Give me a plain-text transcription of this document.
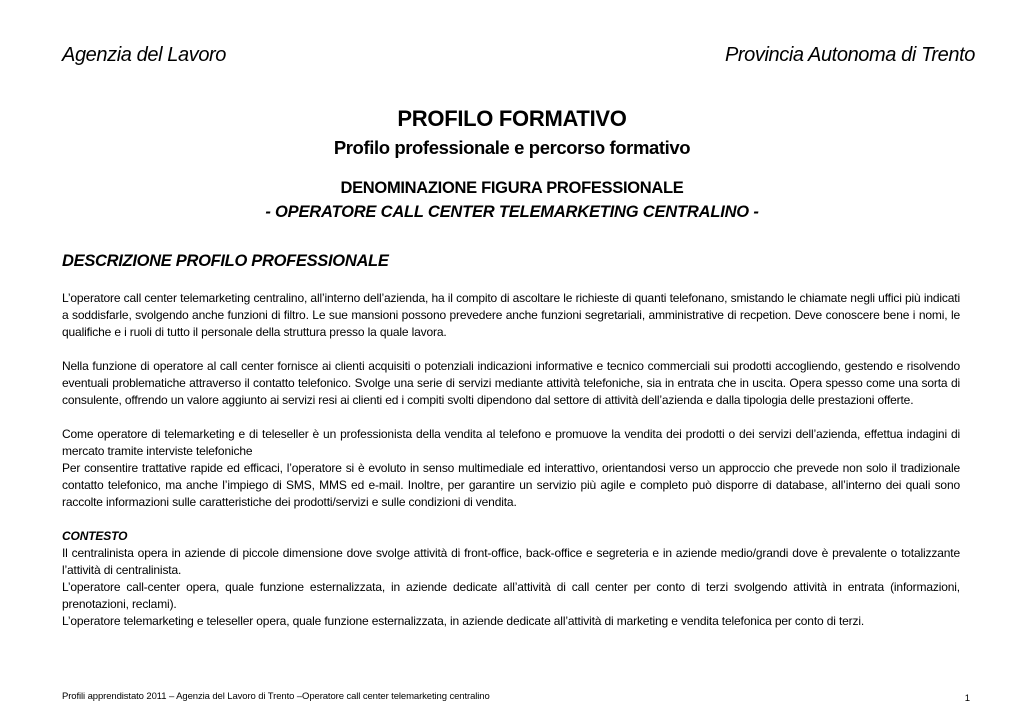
Agenzia del Lavoro	Provincia Autonoma di Trento
PROFILO FORMATIVO
Profilo professionale e percorso formativo
DENOMINAZIONE FIGURA PROFESSIONALE
- OPERATORE CALL CENTER TELEMARKETING CENTRALINO -
DESCRIZIONE PROFILO PROFESSIONALE

L’operatore call center telemarketing centralino, all’interno dell’azienda, ha il compito di ascoltare le richieste di quanti telefonano, smistando le chiamate negli uffici più indicati a soddisfarle, svolgendo anche funzioni di filtro. Le sue mansioni possono prevedere anche funzioni segretariali, amministrative di recpetion. Deve conoscere bene i nomi, le qualifiche e i ruoli di tutto il personale della struttura presso la quale lavora.

Nella funzione di operatore al call center fornisce ai clienti acquisiti o potenziali indicazioni informative e tecnico commerciali sui prodotti accogliendo, gestendo e risolvendo eventuali problematiche attraverso il contatto telefonico. Svolge una serie di servizi mediante attività telefoniche, sia in entrata che in uscita. Opera spesso come una sorta di consulente, offrendo un valore aggiunto ai servizi resi ai clienti ed i compiti svolti dipendono dal settore di attività dell’azienda e dalla tipologia delle prestazioni offerte.

Come operatore di telemarketing e di teleseller è un professionista della vendita al telefono e promuove la vendita dei prodotti o dei servizi dell’azienda, effettua indagini di mercato tramite interviste telefoniche

Per consentire trattative rapide ed efficaci, l’operatore si è evoluto in senso multimediale ed interattivo, orientandosi verso un approccio che prevede non solo il tradizionale contatto telefonico, ma anche l’impiego di SMS, MMS ed e-mail. Inoltre, per garantire un servizio più agile e completo può disporre di database, all’interno dei quali sono raccolte informazioni sulle caratteristiche dei prodotti/servizi e sulle condizioni di vendita.

CONTESTO

Il centralinista opera in aziende di piccole dimensione dove svolge attività di front-office, back-office e segreteria e in aziende medio/grandi dove è prevalente o totalizzante l’attività di centralinista.

L’operatore call-center opera, quale funzione esternalizzata, in aziende dedicate all’attività di call center per conto di terzi svolgendo attività in entrata (informazioni, prenotazioni, reclami).

L’operatore telemarketing e teleseller opera, quale funzione esternalizzata, in aziende dedicate all’attività di marketing e vendita telefonica per conto di terzi.

Profili apprendistato 2011 – Agenzia del Lavoro di Trento –Operatore call center telemarketing centralino	1
